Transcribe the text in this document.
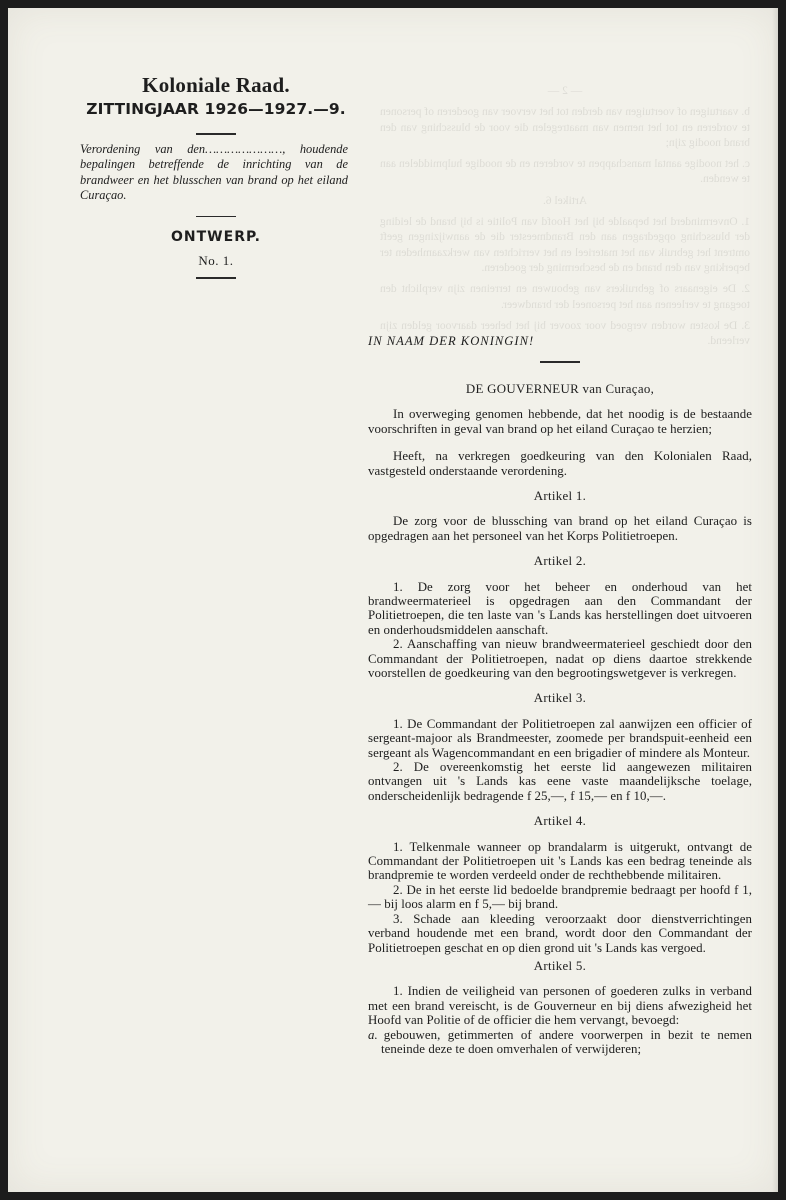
— 2 —

b. vaartuigen of voertuigen van derden tot het vervoer van goederen of personen te vorderen en tot het nemen van maatregelen die voor de blussching van den brand noodig zijn;

c. het noodige aantal manschappen te vorderen en de noodige hulpmiddelen aan te wenden.

Artikel 6.

1. Onverminderd het bepaalde bij het Hoofd van Politie is bij brand de leiding der blussching opgedragen aan den Brandmeester die de aanwijzingen geeft omtrent het gebruik van het materieel en het verrichten van werkzaamheden ter beperking van den brand en de bescherming der goederen.

2. De eigenaars of gebruikers van gebouwen en terreinen zijn verplicht den toegang te verleenen aan het personeel der brandweer.

3. De kosten worden vergoed voor zoover bij het beheer daarvoor gelden zijn verleend.

Koloniale Raad.
ZITTINGJAAR 1926—1927.—9.
Verordening van den…………………, houdende bepalingen betreffende de inrichting van de brandweer en het blusschen van brand op het eiland Curaçao.
ONTWERP.
No. 1.

IN NAAM DER KONINGIN!

DE GOUVERNEUR van Curaçao,

In overweging genomen hebbende, dat het noodig is de bestaande voorschriften in geval van brand op het eiland Curaçao te herzien;

Heeft, na verkregen goedkeuring van den Kolonialen Raad, vastgesteld onderstaande verordening.

Artikel 1.

De zorg voor de blussching van brand op het eiland Curaçao is opgedragen aan het personeel van het Korps Politietroepen.

Artikel 2.

1. De zorg voor het beheer en onderhoud van het brandweermaterieel is opgedragen aan den Commandant der Politietroepen, die ten laste van 's Lands kas herstellingen doet uitvoeren en onderhoudsmiddelen aanschaft.

2. Aanschaffing van nieuw brandweermaterieel geschiedt door den Commandant der Politietroepen, nadat op diens daartoe strekkende voorstellen de goedkeuring van den begrootingswetgever is verkregen.

Artikel 3.

1. De Commandant der Politietroepen zal aanwijzen een officier of sergeant-majoor als Brandmeester, zoomede per brandspuit-eenheid een sergeant als Wagencommandant en een brigadier of mindere als Monteur.

2. De overeenkomstig het eerste lid aangewezen militairen ontvangen uit 's Lands kas eene vaste maandelijksche toelage, onderscheidenlijk bedragende f 25,—, f 15,— en f 10,—.

Artikel 4.

1. Telkenmale wanneer op brandalarm is uitgerukt, ontvangt de Commandant der Politietroepen uit 's Lands kas een bedrag teneinde als brandpremie te worden verdeeld onder de rechthebbende militairen.

2. De in het eerste lid bedoelde brandpremie bedraagt per hoofd f 1,— bij loos alarm en f 5,— bij brand.

3. Schade aan kleeding veroorzaakt door dienstverrichtingen verband houdende met een brand, wordt door den Commandant der Politietroepen geschat en op dien grond uit 's Lands kas vergoed.

Artikel 5.

1. Indien de veiligheid van personen of goederen zulks in verband met een brand vereischt, is de Gouverneur en bij diens afwezigheid het Hoofd van Politie of de officier die hem vervangt, bevoegd:

a. gebouwen, getimmerten of andere voorwerpen in bezit te nemen teneinde deze te doen omverhalen of verwijderen;
